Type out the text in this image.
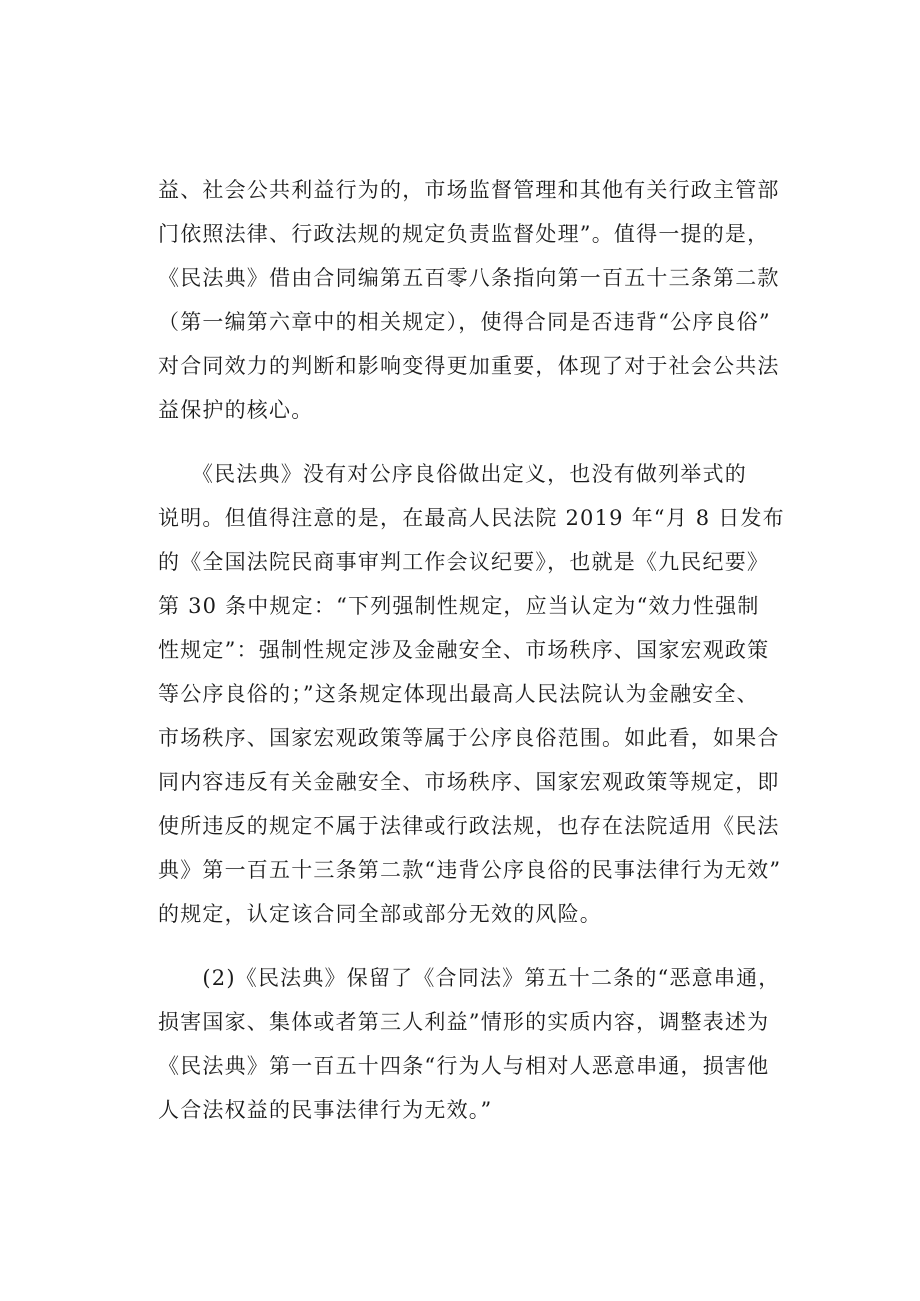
益、社会公共利益行为的，市场监督管理和其他有关行政主管部
门依照法律、行政法规的规定负责监督处理”。值得一提的是，
《民法典》借由合同编第五百零八条指向第一百五十三条第二款
（第一编第六章中的相关规定），使得合同是否违背“公序良俗”
对合同效力的判断和影响变得更加重要，体现了对于社会公共法
益保护的核心。
　　《民法典》没有对公序良俗做出定义，也没有做列举式的
说明。但值得注意的是，在最高人民法院 2019 年“月 8 日发布
的《全国法院民商事审判工作会议纪要》，也就是《九民纪要》
第 30 条中规定：“下列强制性规定，应当认定为“效力性强制
性规定”：强制性规定涉及金融安全、市场秩序、国家宏观政策
等公序良俗的；”这条规定体现出最高人民法院认为金融安全、
市场秩序、国家宏观政策等属于公序良俗范围。如此看，如果合
同内容违反有关金融安全、市场秩序、国家宏观政策等规定，即
使所违反的规定不属于法律或行政法规，也存在法院适用《民法
典》第一百五十三条第二款“违背公序良俗的民事法律行为无效”
的规定，认定该合同全部或部分无效的风险。
　　(2)《民法典》保留了《合同法》第五十二条的“恶意串通，
损害国家、集体或者第三人利益”情形的实质内容，调整表述为
《民法典》第一百五十四条“行为人与相对人恶意串通，损害他
人合法权益的民事法律行为无效。”
